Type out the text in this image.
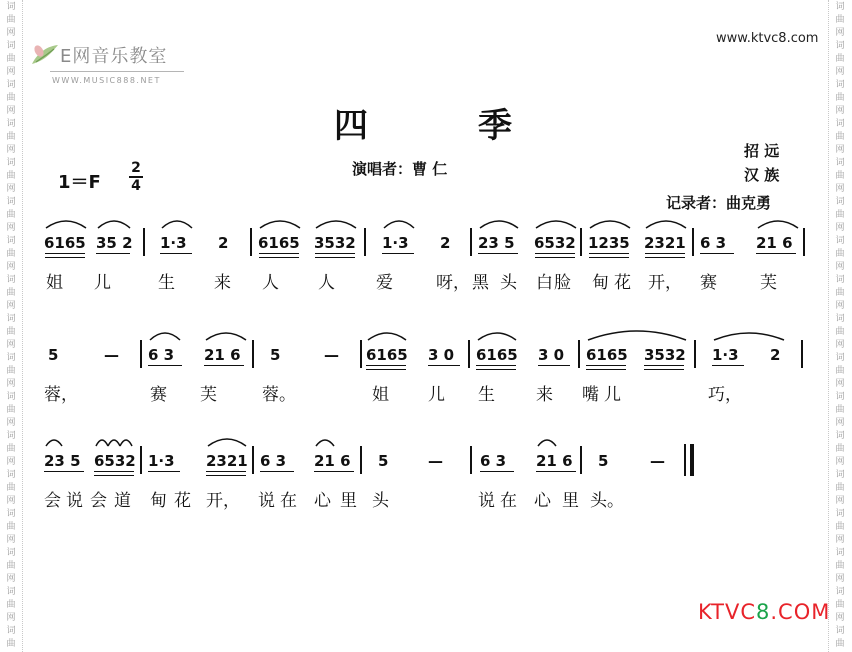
词
曲
网
词
曲
网
词
曲
网
词
曲
网
词
曲
网
词
曲
网
词
曲
网
词
曲
网
词
曲
网
词
曲
网
词
曲
网
词
曲
网
词
曲
网
词
曲
网
词
曲
网
词
曲
网
词
曲
词
曲
网
词
曲
网
词
曲
网
词
曲
网
词
曲
网
词
曲
网
词
曲
网
词
曲
网
词
曲
网
词
曲
网
词
曲
网
词
曲
网
词
曲
网
词
曲
网
词
曲
网
词
曲
网
词
曲
E网音乐教室
WWW.MUSIC888.NET
www.ktvc8.com
四季
演唱者：曹 仁
招 远
汉 族
记录者：曲克勇
1＝F
2
4
6165 35 2 1·3 2 6165 3532 1·3 2 23 5 6532 1235 2321 6 3 21 6
姐 儿	生 来 人 人 爱	呀， 黑 头 白 脸 甸 花 开， 赛	芙
5	— 6 3 21 6 5	— 6165 3 0 6165 3 0 6165 3532 1·3 2
蓉，	赛 芙	蓉。	姐 儿 生 来 嘴 儿	巧，
23 5 6532 1·3 2321 6 3 21 6 5	— 6 3 21 6 5	—
会 说 会 道 甸 花 开， 说 在 心 里 头	说 在 心 里 头。
KTVC8.COM
